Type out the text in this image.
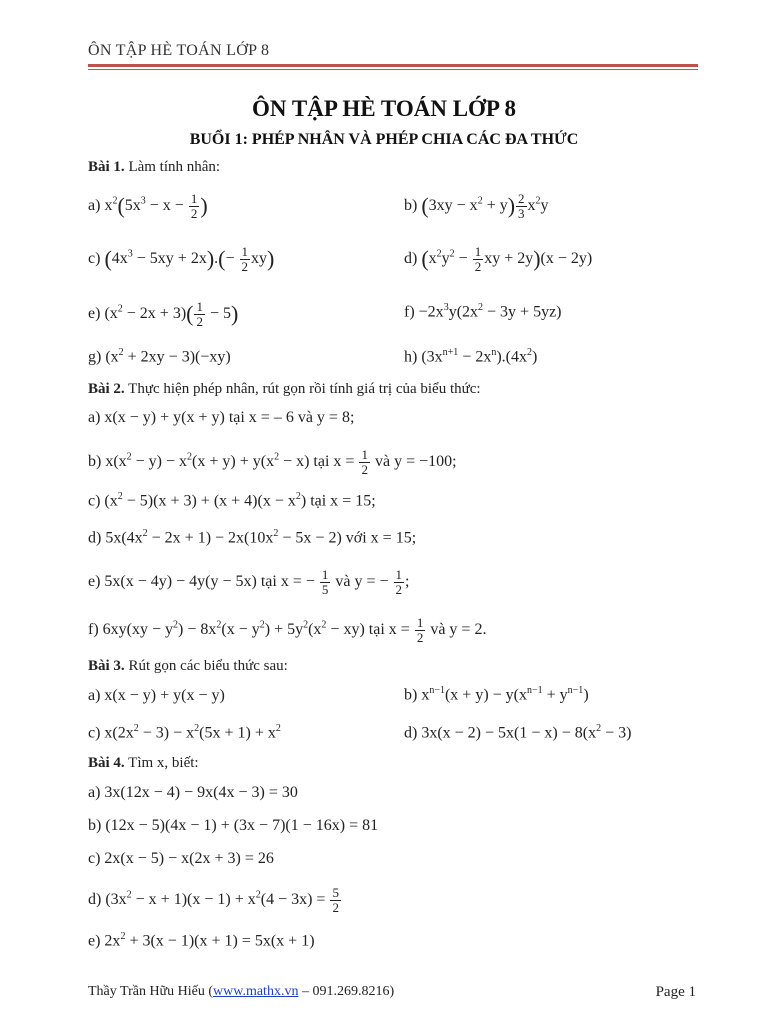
ÔN TẬP HÈ TOÁN LỚP 8
ÔN TẬP HÈ TOÁN LỚP 8
BUỔI 1: PHÉP NHÂN VÀ PHÉP CHIA CÁC ĐA THỨC
Bài 1. Làm tính nhân:
a) $x^2(5x^3 - x - \frac{1}{2}$ )	b) $(3xy - x^2 + y) \frac{2}{3} x^2y$
c) $(4x^3 - 5xy + 2x).(- \frac{1}{2} xy)$	d) ($x^2y^2 - \frac{1}{2}$ xy + 2y)(x − 2y)
e) $(x^2 - 2x + 3)( \frac{1}{2} - 5)$	$f) -2x^3y(2x^2 - 3y + 5yz)$
g) $(x^2 + 2xy - 3)(-xy)$	h) $(3x^{n+1} - 2x^n).(4x^2)$
Bài 2. Thực hiện phép nhân, rút gọn rồi tính giá trị của biểu thức:
a) x(x − y) + y(x + y) tại x = – 6 và y = 8;
b) $x(x^2 - y) - x^2(x + y) + y(x^2 - x)$ tại $x = \frac{1}{2}$ và y = −100;
c) $(x^2 - 5)(x + 3) + (x + 4)(x - x^2)$ tại x = 15;
d) $5x(4x^2 - 2x + 1) - 2x(10x^2 - 5x - 2)$ với x = 15;
e) 5x(x − 4y) − 4y(y − 5x) tại x = − $\frac{1}{5}$ và y = − $\frac{1}{2}$ ;
f) $6xy(xy - y^2) - 8x^2(x - y^2) + 5y^2(x^2 - xy)$ tại $x = \frac{1}{2}$ và y = 2.
Bài 3. Rút gọn các biểu thức sau:
a) x(x − y) + y(x − y)	b) $x^{n-1}(x + y) - y(x^{n-1} + y^{n-1})$
c) $x(2x^2 - 3) - x^2(5x + 1) + x^2$	d) $3x(x - 2) - 5x(1 - x) - 8(x^2 - 3)$
Bài 4. Tìm x, biết:
a) 3x(12x − 4) − 9x(4x − 3) = 30
b) (12x − 5)(4x − 1) + (3x − 7)(1 − 16x) = 81
c) 2x(x − 5) − x(2x + 3) = 26
d) $(3x^2 - x + 1)(x - 1) + x^2(4 - 3x) = \frac{5}{2}$
e) $2x^2 + 3(x - 1)(x + 1) = 5x(x + 1)$
Thầy Trần Hữu Hiếu (www.mathx.vn – 091.269.8216)	Page 1
